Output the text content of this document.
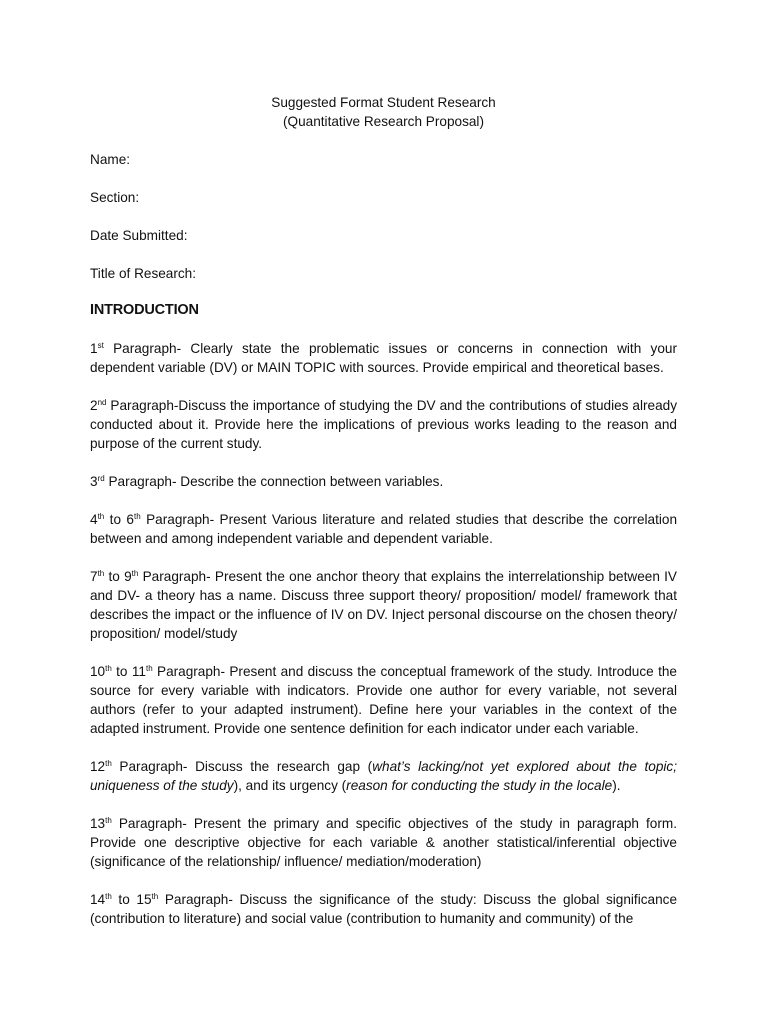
Suggested Format Student Research
(Quantitative Research Proposal)

Name:

Section:

Date Submitted:

Title of Research:

INTRODUCTION

1st Paragraph- Clearly state the problematic issues or concerns in connection with your dependent variable (DV) or MAIN TOPIC with sources. Provide empirical and theoretical bases.

2nd Paragraph-Discuss the importance of studying the DV and the contributions of studies already conducted about it. Provide here the implications of previous works leading to the reason and purpose of the current study.

3rd Paragraph- Describe the connection between variables.

4th to 6th Paragraph- Present Various literature and related studies that describe the correlation between and among independent variable and dependent variable.

7th to 9th Paragraph- Present the one anchor theory that explains the interrelationship between IV and DV- a theory has a name. Discuss three support theory/ proposition/ model/ framework that describes the impact or the influence of IV on DV. Inject personal discourse on the chosen theory/ proposition/ model/study

10th to 11th Paragraph- Present and discuss the conceptual framework of the study. Introduce the source for every variable with indicators. Provide one author for every variable, not several authors (refer to your adapted instrument). Define here your variables in the context of the adapted instrument. Provide one sentence definition for each indicator under each variable.

12th Paragraph- Discuss the research gap (what’s lacking/not yet explored about the topic; uniqueness of the study), and its urgency (reason for conducting the study in the locale).

13th Paragraph- Present the primary and specific objectives of the study in paragraph form. Provide one descriptive objective for each variable & another statistical/inferential objective (significance of the relationship/ influence/ mediation/moderation)

14th to 15th Paragraph- Discuss the significance of the study: Discuss the global significance (contribution to literature) and social value (contribution to humanity and community) of the
